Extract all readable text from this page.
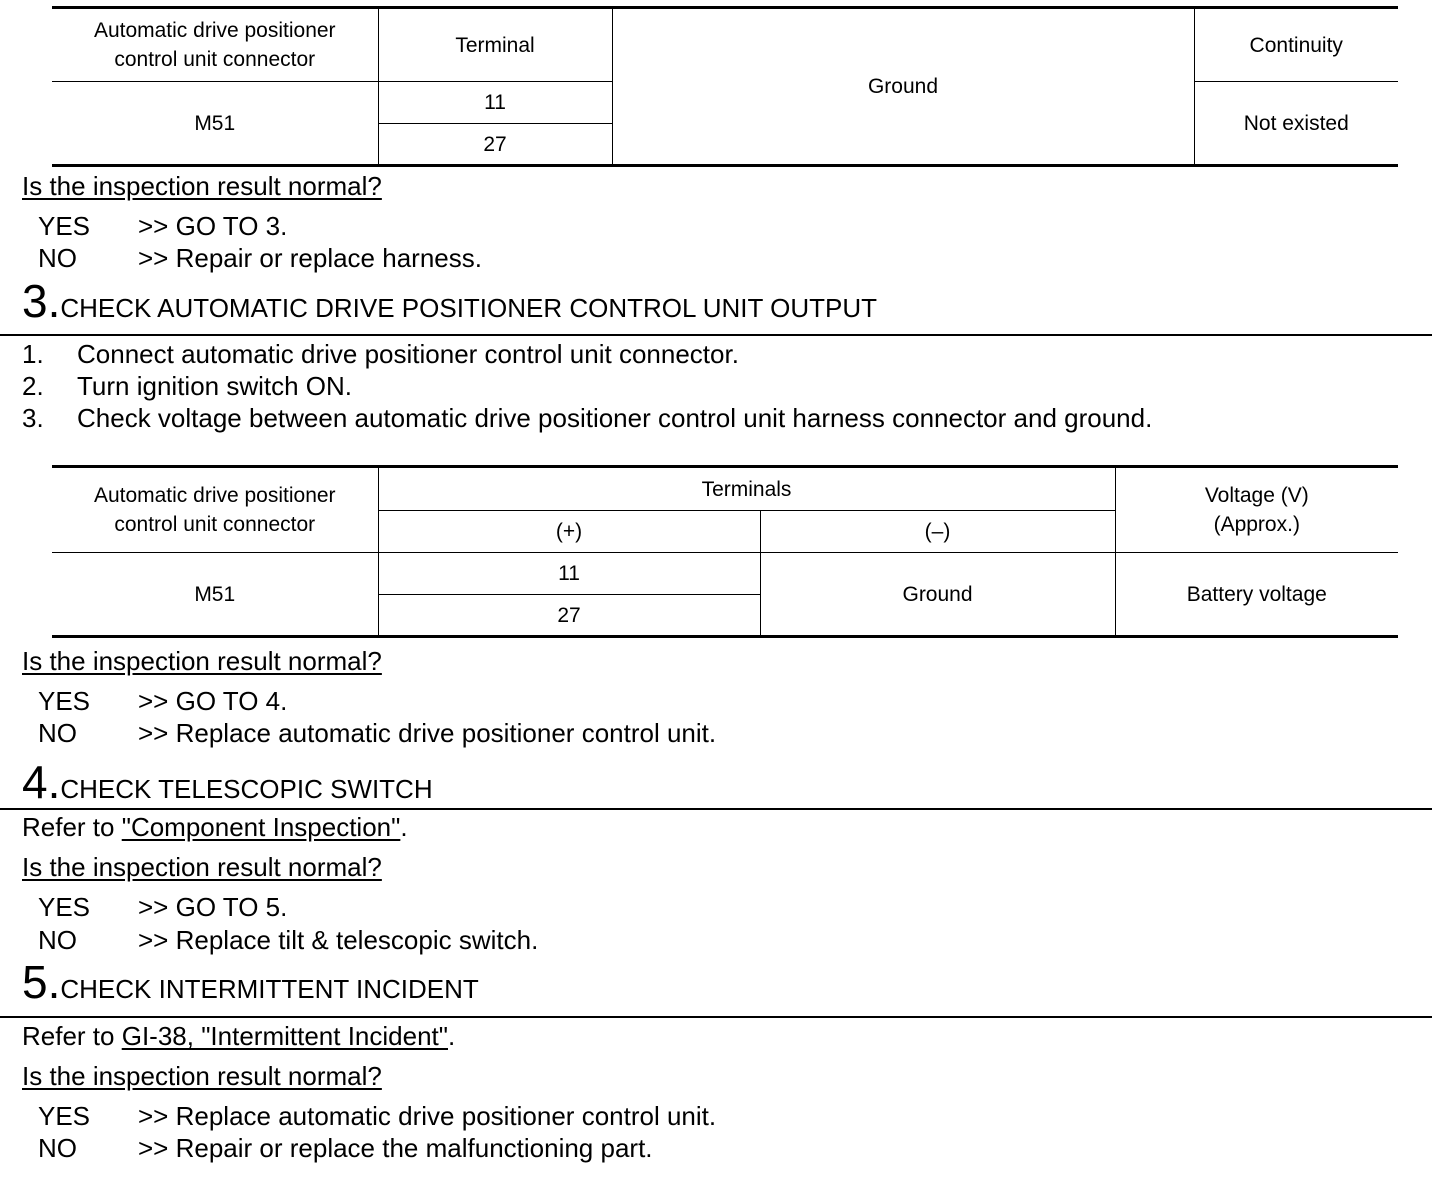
Automatic drive positioner control unit connector	Terminal	Ground	Continuity
M51	11		Not existed
	27		
Is the inspection result normal?
YES >> GO TO 3.
NO >> Repair or replace harness.
3.CHECK AUTOMATIC DRIVE POSITIONER CONTROL UNIT OUTPUT
1. Connect automatic drive positioner control unit connector.
2. Turn ignition switch ON.
3. Check voltage between automatic drive positioner control unit harness connector and ground.
Automatic drive positioner control unit connector	Terminals		Voltage (V)
(Approx.)
	(+)	(–)	
M51	11	Ground	Battery voltage
	27		
Is the inspection result normal?
YES >> GO TO 4.
NO >> Replace automatic drive positioner control unit.
4.CHECK TELESCOPIC SWITCH
Refer to "Component Inspection".
Is the inspection result normal?
YES >> GO TO 5.
NO >> Replace tilt & telescopic switch.
5.CHECK INTERMITTENT INCIDENT
Refer to GI-38, "Intermittent Incident".
Is the inspection result normal?
YES >> Replace automatic drive positioner control unit.
NO >> Repair or replace the malfunctioning part.
